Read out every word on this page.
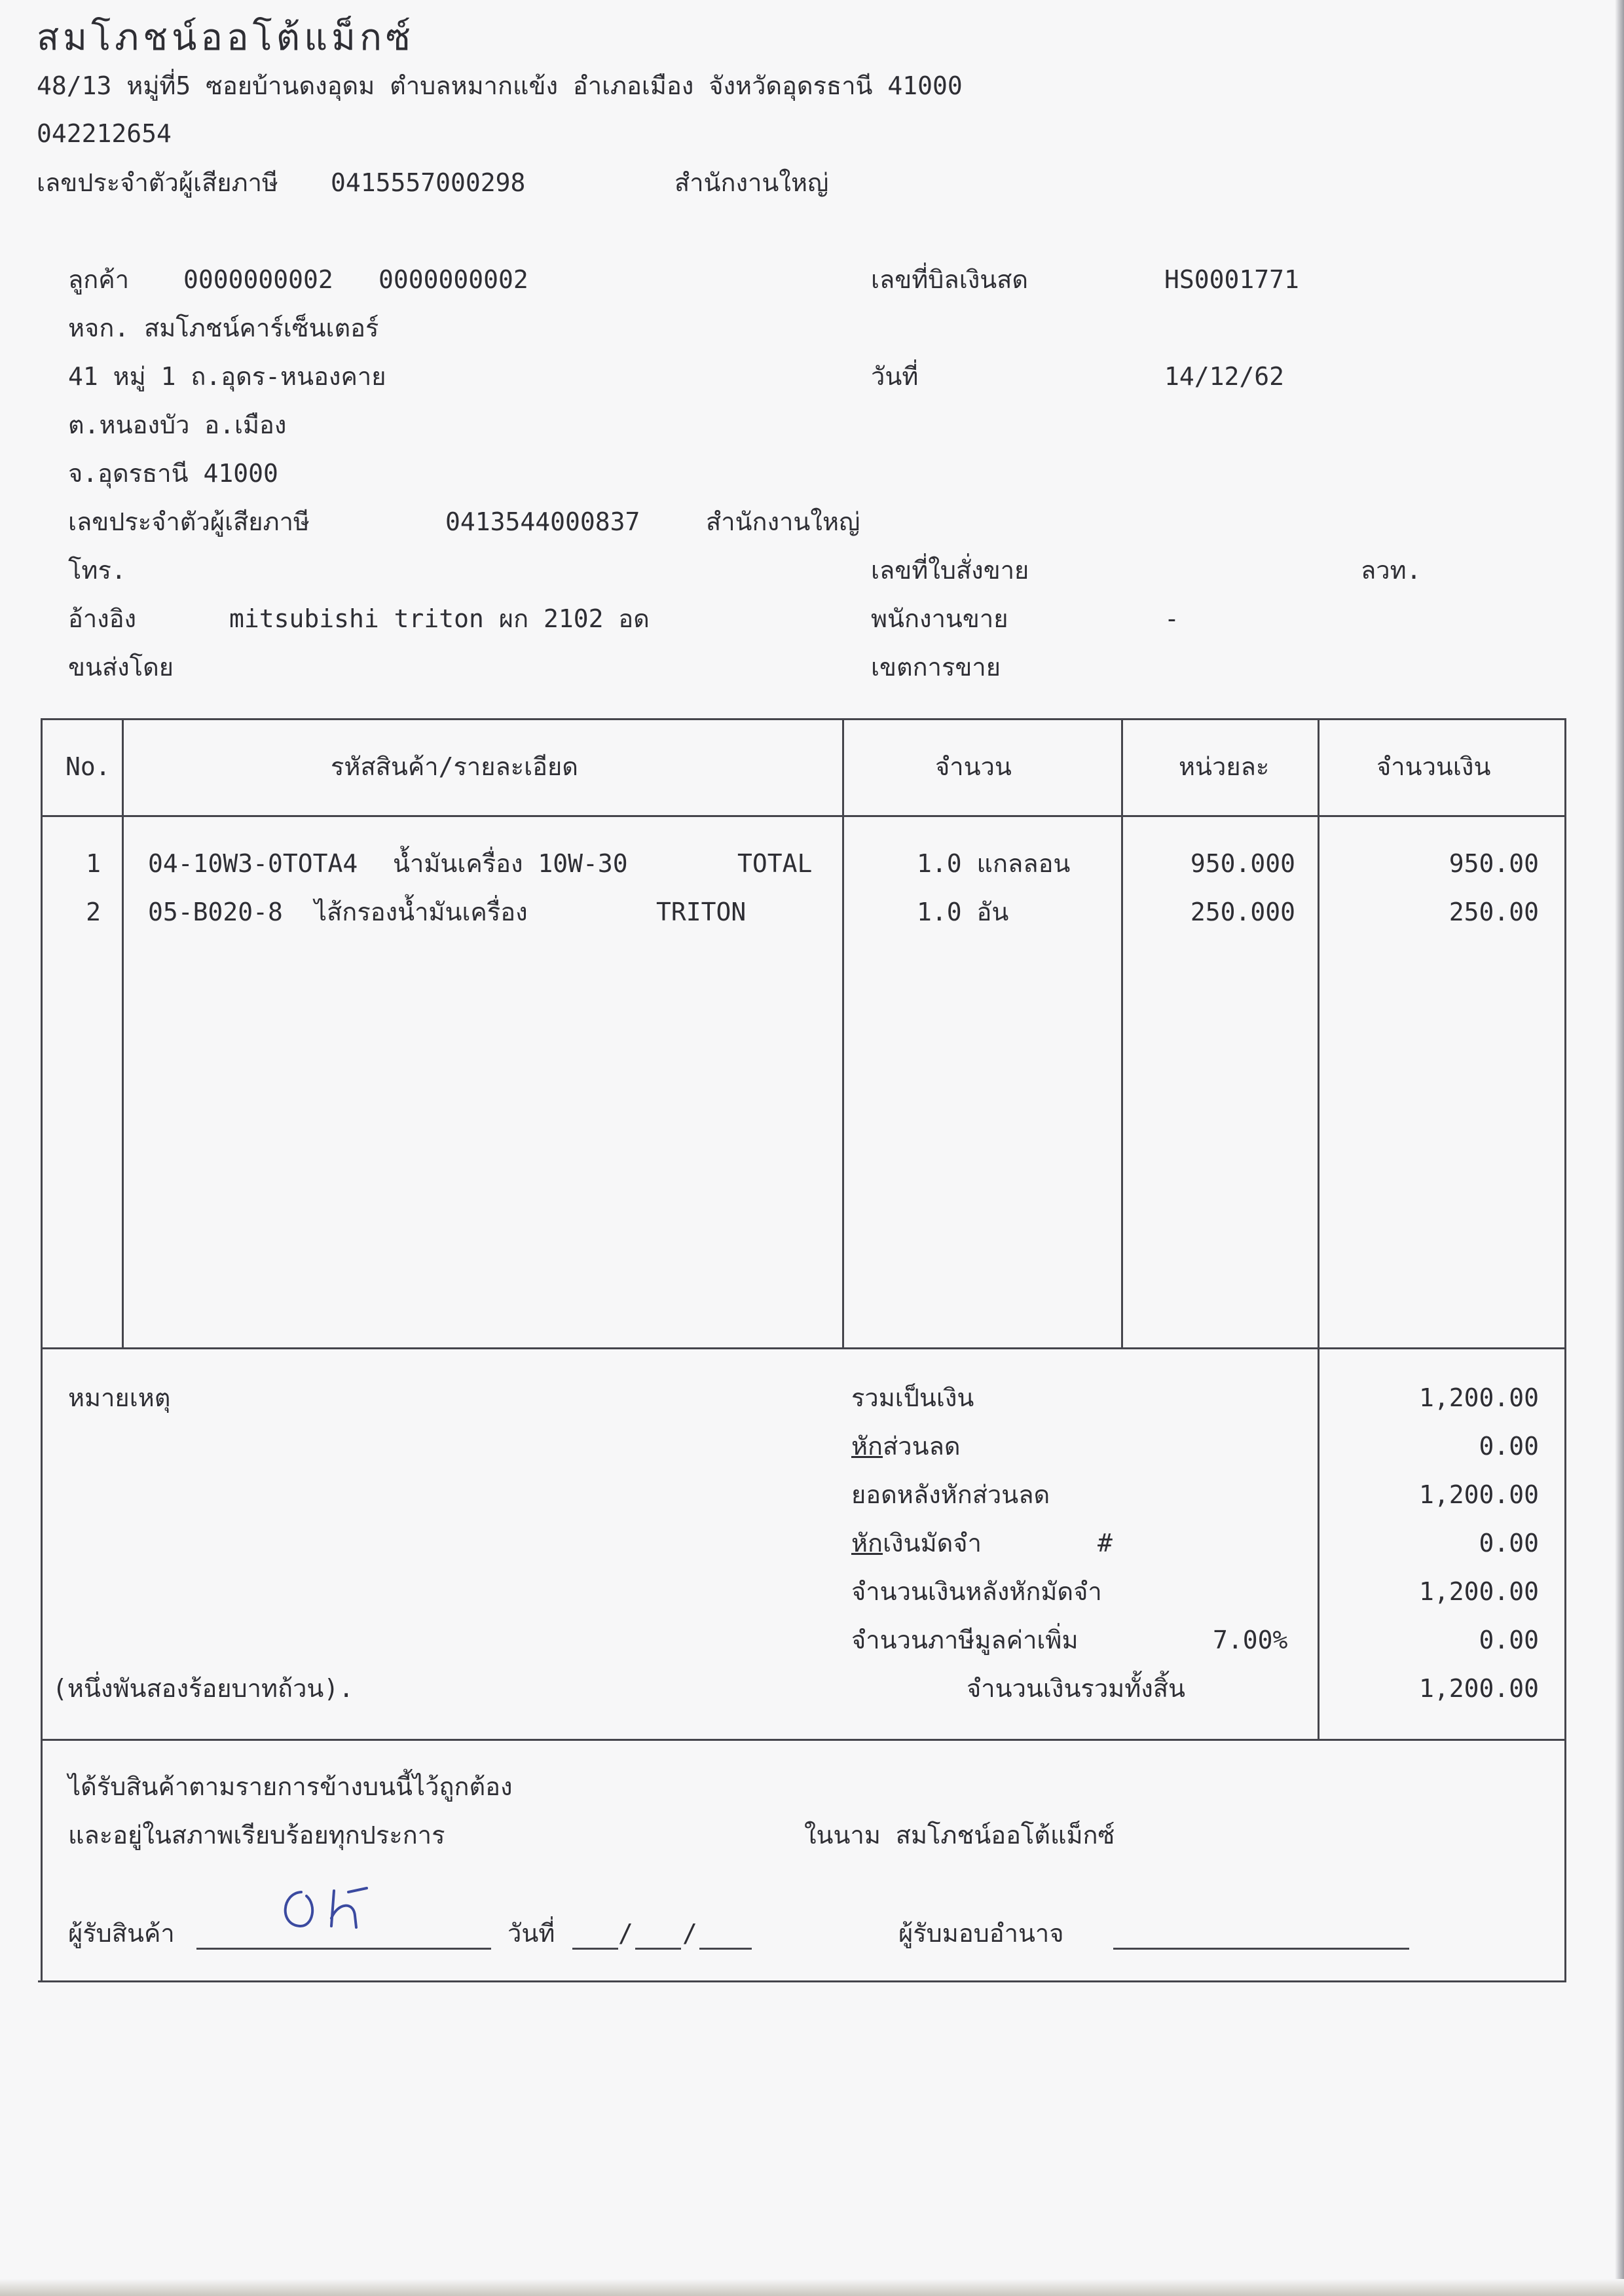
สมโภชน์ออโต้แม็กซ์
48/13 หมู่ที่5 ซอยบ้านดงอุดม ตำบลหมากแข้ง อำเภอเมือง จังหวัดอุดรธานี 41000
042212654
เลขประจำตัวผู้เสียภาษี 0415557000298	สำนักงานใหญ่
ลูกค้า 0000000002 0000000002
หจก. สมโภชน์คาร์เซ็นเตอร์
41 หมู่ 1 ถ.อุดร-หนองคาย
ต.หนองบัว อ.เมือง
จ.อุดรธานี 41000
เลขประจำตัวผู้เสียภาษี	0413544000837	สำนักงานใหญ่
โทร.
อ้างอิง	mitsubishi triton ผก 2102 อด
ขนส่งโดย
เลขที่บิลเงินสด	HS0001771
วันที่	14/12/62
เลขที่ใบสั่งขาย	ลวท.
พนักงานขาย	-
เขตการขาย
No.	รหัสสินค้า/รายละเอียด	จำนวน	หน่วยละ	จำนวนเงิน
1 04-10W3-0TOTA4 น้ำมันเครื่อง 10W-30	TOTAL	1.0 แกลลอน	950.000	950.00
2 05-B020-8 ไส้กรองน้ำมันเครื่อง	TRITON	1.0 อัน	250.000	250.00
หมายเหตุ	รวมเป็นเงิน	1,200.00
หักส่วนลด	0.00
ยอดหลังหักส่วนลด	1,200.00
หักเงินมัดจำ	#	0.00
จำนวนเงินหลังหักมัดจำ	1,200.00
จำนวนภาษีมูลค่าเพิ่ม	7.00%	0.00
(หนึ่งพันสองร้อยบาทถ้วน).	จำนวนเงินรวมทั้งสิ้น	1,200.00
ได้รับสินค้าตามรายการข้างบนนี้ไว้ถูกต้อง
และอยู่ในสภาพเรียบร้อยทุกประการ	ในนาม สมโภชน์ออโต้แม็กซ์
ผู้รับสินค้า	วันที่	/ /	ผู้รับมอบอำนาจ
